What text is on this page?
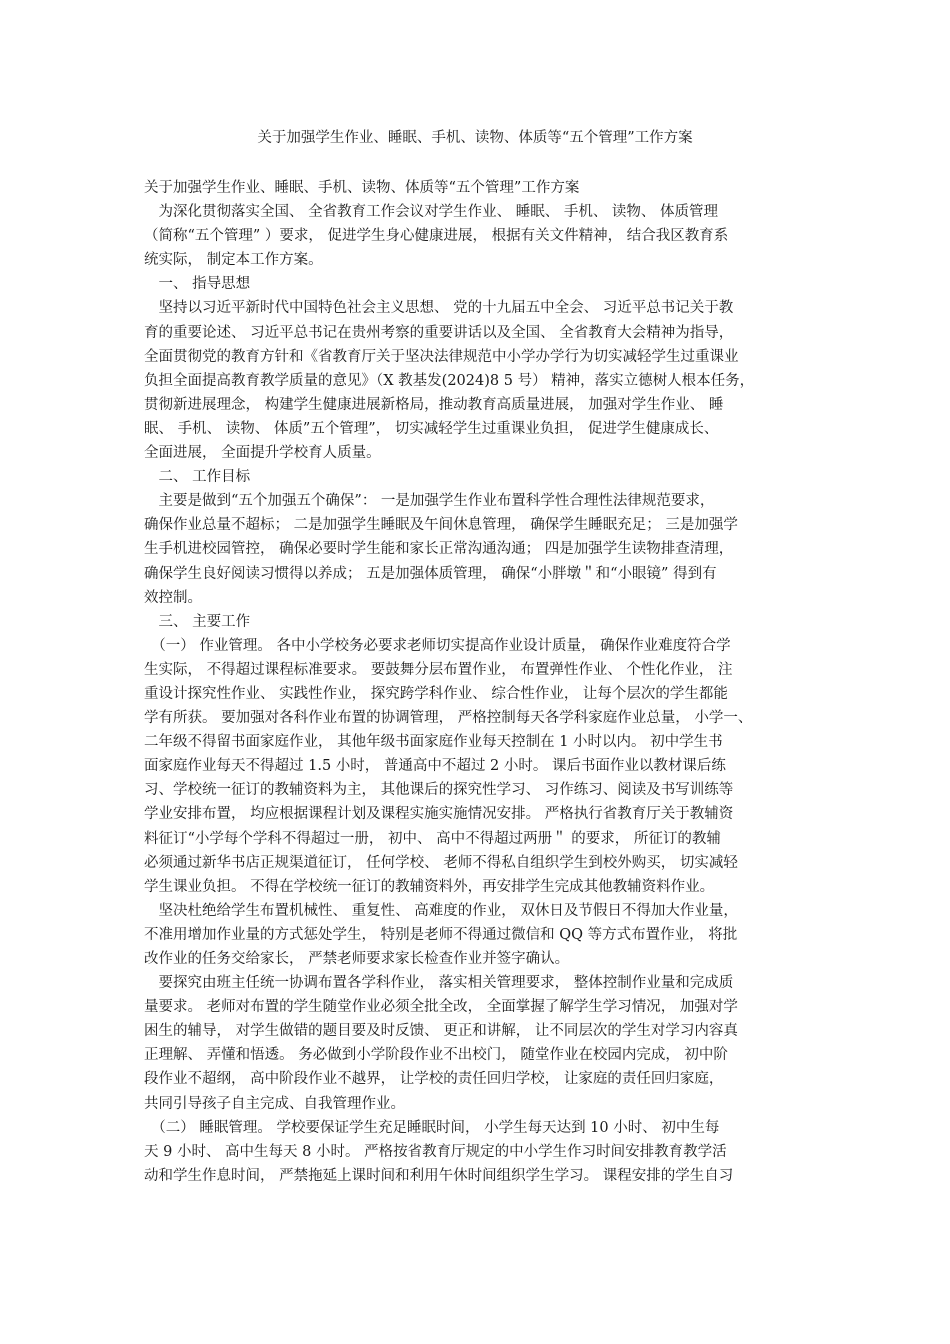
关于加强学生作业、睡眠、手机、读物、体质等“五个管理”工作方案
关于加强学生作业、睡眠、手机、读物、体质等“五个管理”工作方案
　为深化贯彻落实全国、 全省教育工作会议对学生作业、 睡眠、 手机、 读物、 体质管理
（简称“五个管理” ）要求， 促进学生身心健康进展， 根据有关文件精神， 结合我区教育系
统实际， 制定本工作方案。
　一、 指导思想
　坚持以习近平新时代中国特色社会主义思想、 党的十九届五中全会、 习近平总书记关于教
育的重要论述、 习近平总书记在贵州考察的重要讲话以及全国、 全省教育大会精神为指导，
全面贯彻党的教育方针和《省教育厅关于坚决法律规范中小学办学行为切实减轻学生过重课业
负担全面提高教育教学质量的意见》（X 教基发(2024)8 5 号） 精神，落实立德树人根本任务，
贯彻新进展理念， 构建学生健康进展新格局，推动教育高质量进展， 加强对学生作业、 睡
眠、 手机、 读物、 体质”五个管理”， 切实减轻学生过重课业负担， 促进学生健康成长、
全面进展， 全面提升学校育人质量。
　二、 工作目标
　主要是做到“五个加强五个确保”： 一是加强学生作业布置科学性合理性法律规范要求，
确保作业总量不超标； 二是加强学生睡眠及午间休息管理， 确保学生睡眠充足； 三是加强学
生手机进校园管控， 确保必要时学生能和家长正常沟通沟通； 四是加强学生读物排查清理，
确保学生良好阅读习惯得以养成； 五是加强体质管理， 确保“小胖墩＂和“小眼镜” 得到有
效控制。
　三、 主要工作
　（一） 作业管理。 各中小学校务必要求老师切实提高作业设计质量， 确保作业难度符合学
生实际， 不得超过课程标准要求。 要鼓舞分层布置作业， 布置弹性作业、 个性化作业， 注
重设计探究性作业、 实践性作业， 探究跨学科作业、 综合性作业， 让每个层次的学生都能
学有所获。 要加强对各科作业布置的协调管理， 严格控制每天各学科家庭作业总量， 小学一、
二年级不得留书面家庭作业， 其他年级书面家庭作业每天控制在 1 小时以内。 初中学生书
面家庭作业每天不得超过 1.5 小时， 普通高中不超过 2 小时。 课后书面作业以教材课后练
习、学校统一征订的教辅资料为主， 其他课后的探究性学习、 习作练习、阅读及书写训练等
学业安排布置， 均应根据课程计划及课程实施实施情况安排。 严格执行省教育厅关于教辅资
料征订“小学每个学科不得超过一册， 初中、 高中不得超过两册＂ 的要求， 所征订的教辅
必须通过新华书店正规渠道征订， 任何学校、 老师不得私自组织学生到校外购买， 切实减轻
学生课业负担。 不得在学校统一征订的教辅资料外，再安排学生完成其他教辅资料作业。
　坚决杜绝给学生布置机械性、 重复性、 高难度的作业， 双休日及节假日不得加大作业量，
不准用增加作业量的方式惩处学生， 特别是老师不得通过微信和 QQ 等方式布置作业， 将批
改作业的任务交给家长， 严禁老师要求家长检查作业并签字确认。
　要探究由班主任统一协调布置各学科作业， 落实相关管理要求， 整体控制作业量和完成质
量要求。 老师对布置的学生随堂作业必须全批全改， 全面掌握了解学生学习情况， 加强对学
困生的辅导， 对学生做错的题目要及时反馈、 更正和讲解， 让不同层次的学生对学习内容真
正理解、 弄懂和悟透。 务必做到小学阶段作业不出校门， 随堂作业在校园内完成， 初中阶
段作业不超纲， 高中阶段作业不越界， 让学校的责任回归学校， 让家庭的责任回归家庭，
共同引导孩子自主完成、自我管理作业。
　（二） 睡眠管理。 学校要保证学生充足睡眠时间， 小学生每天达到 10 小时、 初中生每
天 9 小时、 高中生每天 8 小时。 严格按省教育厅规定的中小学生作习时间安排教育教学活
动和学生作息时间， 严禁拖延上课时间和利用午休时间组织学生学习。 课程安排的学生自习
